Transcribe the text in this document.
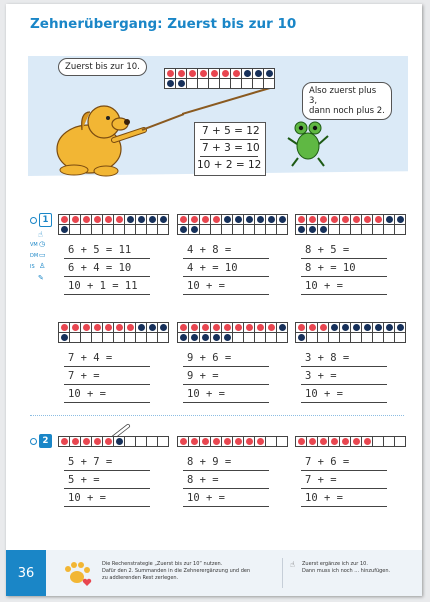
Zehnerübergang: Zuerst bis zur 10
Zuerst bis zur 10.
Also zuerst plus 3,
dann noch plus 2.
7 + 5 = 12
7 + 3 = 10
10 + 2 = 12
1
☝
VM ◷
DM ▭
IS ♙
✎
6 + 5 = 11
6 + 4 = 10
10 + 1 = 11
4 + 8 =
4 + = 10
10 + =
8 + 5 =
8 + = 10
10 + =
7 + 4 =
7 + =
10 + =
9 + 6 =
9 + =
10 + =
3 + 8 =
3 + =
10 + =
2
5 + 7 =
5 + =
10 + =
8 + 9 =
8 + =
10 + =
7 + 6 =
7 + =
10 + =
36
Die Rechenstrategie „Zuerst bis zur 10“ nutzen.
Dafür den 2. Summanden in die Zehnerergänzung und den
zu addierenden Rest zerlegen.
☝ Zuerst ergänze ich zur 10.
Dann muss ich noch ... hinzufügen.
